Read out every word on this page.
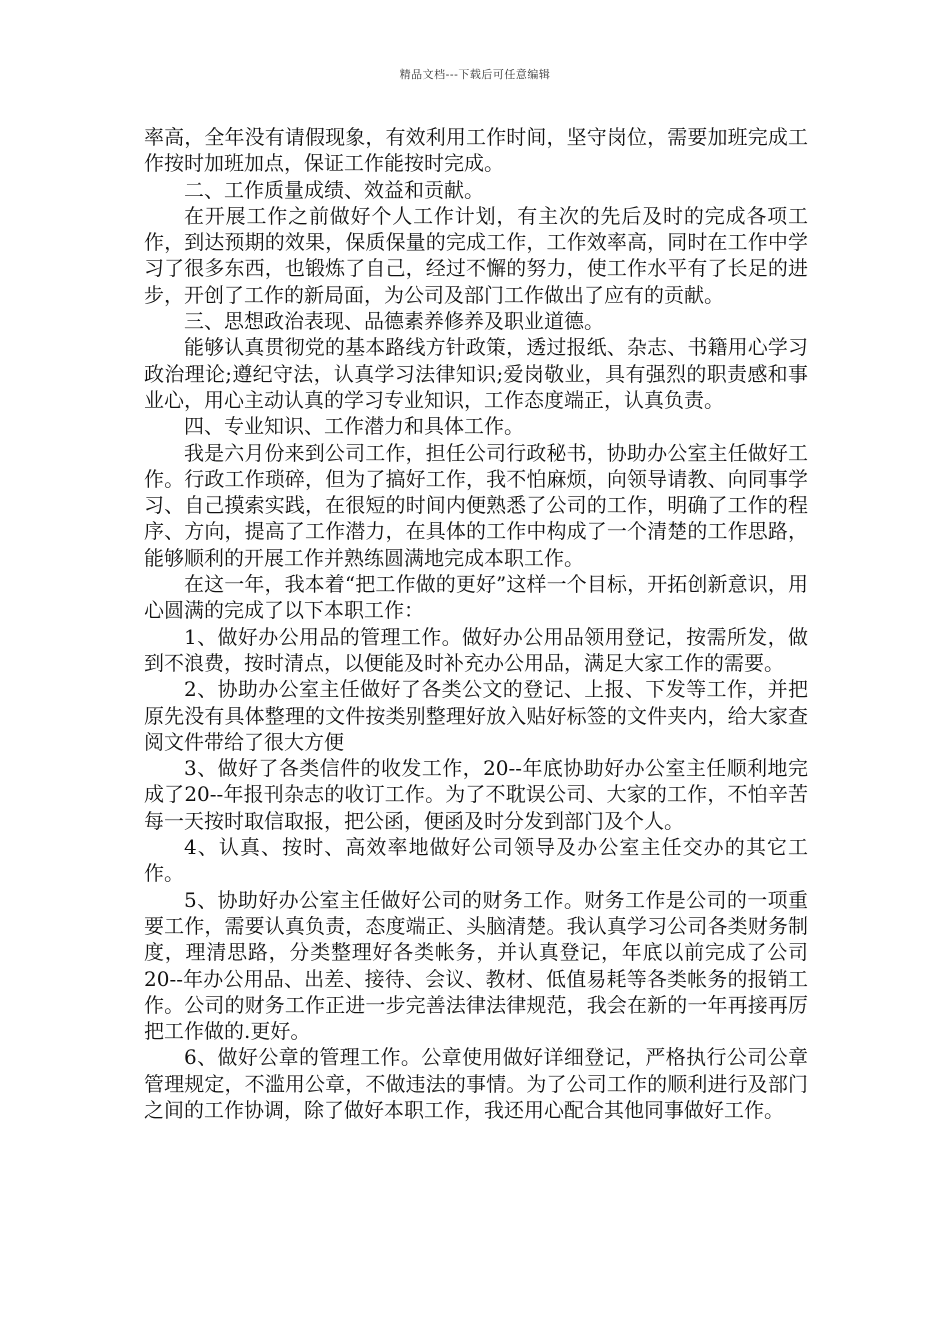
精品文档---下载后可任意编辑

率高，全年没有请假现象，有效利用工作时间，坚守岗位，需要加班完成工作按时加班加点，保证工作能按时完成。

二、工作质量成绩、效益和贡献。

在开展工作之前做好个人工作计划，有主次的先后及时的完成各项工作，到达预期的效果，保质保量的完成工作，工作效率高，同时在工作中学习了很多东西，也锻炼了自己，经过不懈的努力，使工作水平有了长足的进步，开创了工作的新局面，为公司及部门工作做出了应有的贡献。

三、思想政治表现、品德素养修养及职业道德。

能够认真贯彻党的基本路线方针政策，透过报纸、杂志、书籍用心学习政治理论;遵纪守法，认真学习法律知识;爱岗敬业，具有强烈的职责感和事业心，用心主动认真的学习专业知识，工作态度端正，认真负责。

四、专业知识、工作潜力和具体工作。

我是六月份来到公司工作，担任公司行政秘书，协助办公室主任做好工作。行政工作琐碎，但为了搞好工作，我不怕麻烦，向领导请教、向同事学习、自己摸索实践，在很短的时间内便熟悉了公司的工作，明确了工作的程序、方向，提高了工作潜力，在具体的工作中构成了一个清楚的工作思路，能够顺利的开展工作并熟练圆满地完成本职工作。

在这一年，我本着“把工作做的更好”这样一个目标，开拓创新意识，用心圆满的完成了以下本职工作：

1、做好办公用品的管理工作。做好办公用品领用登记，按需所发，做到不浪费，按时清点，以便能及时补充办公用品，满足大家工作的需要。

2、协助办公室主任做好了各类公文的登记、上报、下发等工作，并把原先没有具体整理的文件按类别整理好放入贴好标签的文件夹内，给大家查阅文件带给了很大方便

3、做好了各类信件的收发工作，20--年底协助好办公室主任顺利地完成了20--年报刊杂志的收订工作。为了不耽误公司、大家的工作，不怕辛苦每一天按时取信取报，把公函，便函及时分发到部门及个人。

4、认真、按时、高效率地做好公司领导及办公室主任交办的其它工作。

5、协助好办公室主任做好公司的财务工作。财务工作是公司的一项重要工作，需要认真负责，态度端正、头脑清楚。我认真学习公司各类财务制度，理清思路，分类整理好各类帐务，并认真登记，年底以前完成了公司20--年办公用品、出差、接待、会议、教材、低值易耗等各类帐务的报销工作。公司的财务工作正进一步完善法律法律规范，我会在新的一年再接再厉把工作做的.更好。

6、做好公章的管理工作。公章使用做好详细登记，严格执行公司公章管理规定，不滥用公章，不做违法的事情。为了公司工作的顺利进行及部门之间的工作协调，除了做好本职工作，我还用心配合其他同事做好工作。
